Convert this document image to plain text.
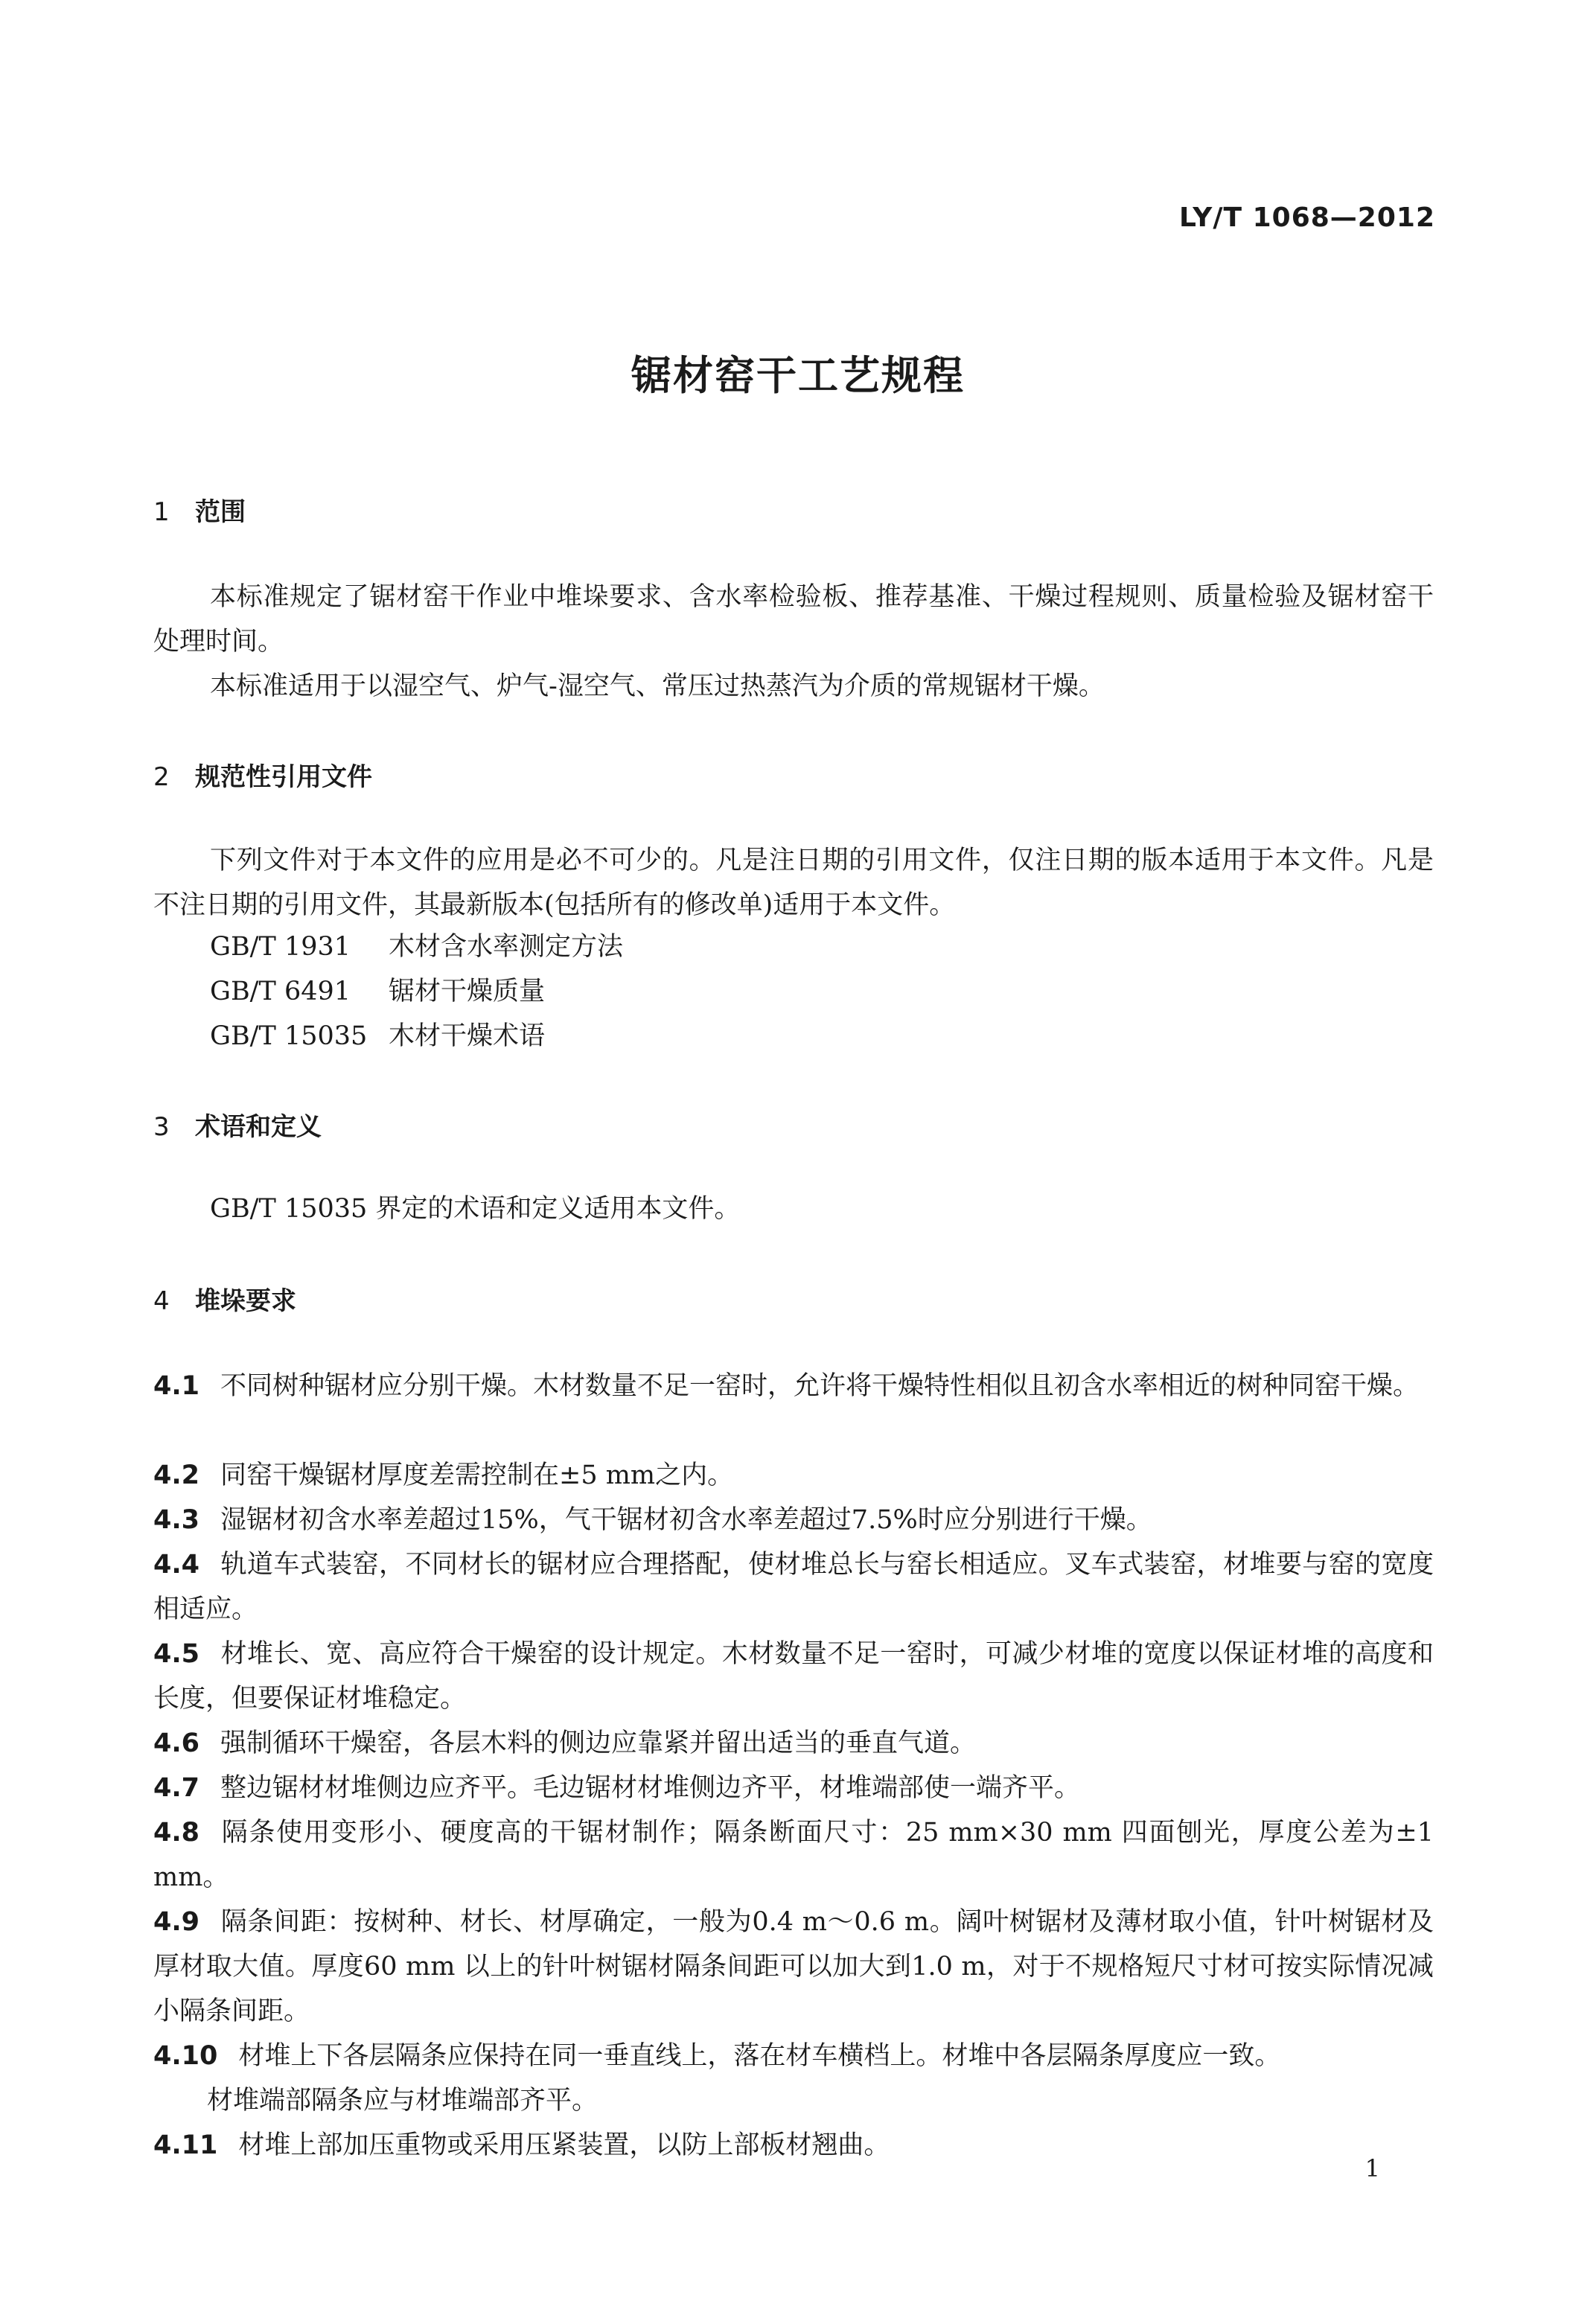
LY/T 1068—2012
锯材窑干工艺规程
1 范围
本标准规定了锯材窑干作业中堆垛要求、含水率检验板、推荐基准、干燥过程规则、质量检验及锯材窑干处理时间。
本标准适用于以湿空气、炉气-湿空气、常压过热蒸汽为介质的常规锯材干燥。
2 规范性引用文件
下列文件对于本文件的应用是必不可少的。凡是注日期的引用文件，仅注日期的版本适用于本文件。凡是不注日期的引用文件，其最新版本(包括所有的修改单)适用于本文件。
GB/T 1931 木材含水率测定方法
GB/T 6491 锯材干燥质量
GB/T 15035 木材干燥术语
3 术语和定义
GB/T 15035 界定的术语和定义适用本文件。
4 堆垛要求
4.1 不同树种锯材应分别干燥。木材数量不足一窑时，允许将干燥特性相似且初含水率相近的树种同窑干燥。
4.2 同窑干燥锯材厚度差需控制在±5 mm之内。
4.3 湿锯材初含水率差超过15%，气干锯材初含水率差超过7.5%时应分别进行干燥。
4.4 轨道车式装窑，不同材长的锯材应合理搭配，使材堆总长与窑长相适应。叉车式装窑，材堆要与窑的宽度相适应。
4.5 材堆长、宽、高应符合干燥窑的设计规定。木材数量不足一窑时，可减少材堆的宽度以保证材堆的高度和长度，但要保证材堆稳定。
4.6 强制循环干燥窑，各层木料的侧边应靠紧并留出适当的垂直气道。
4.7 整边锯材材堆侧边应齐平。毛边锯材材堆侧边齐平，材堆端部使一端齐平。
4.8 隔条使用变形小、硬度高的干锯材制作；隔条断面尺寸：25 mm×30 mm 四面刨光，厚度公差为±1 mm。
4.9 隔条间距：按树种、材长、材厚确定，一般为0.4 m～0.6 m。阔叶树锯材及薄材取小值，针叶树锯材及厚材取大值。厚度60 mm 以上的针叶树锯材隔条间距可以加大到1.0 m，对于不规格短尺寸材可按实际情况减小隔条间距。
4.10 材堆上下各层隔条应保持在同一垂直线上，落在材车横档上。材堆中各层隔条厚度应一致。
材堆端部隔条应与材堆端部齐平。
4.11 材堆上部加压重物或采用压紧装置，以防上部板材翘曲。
1
